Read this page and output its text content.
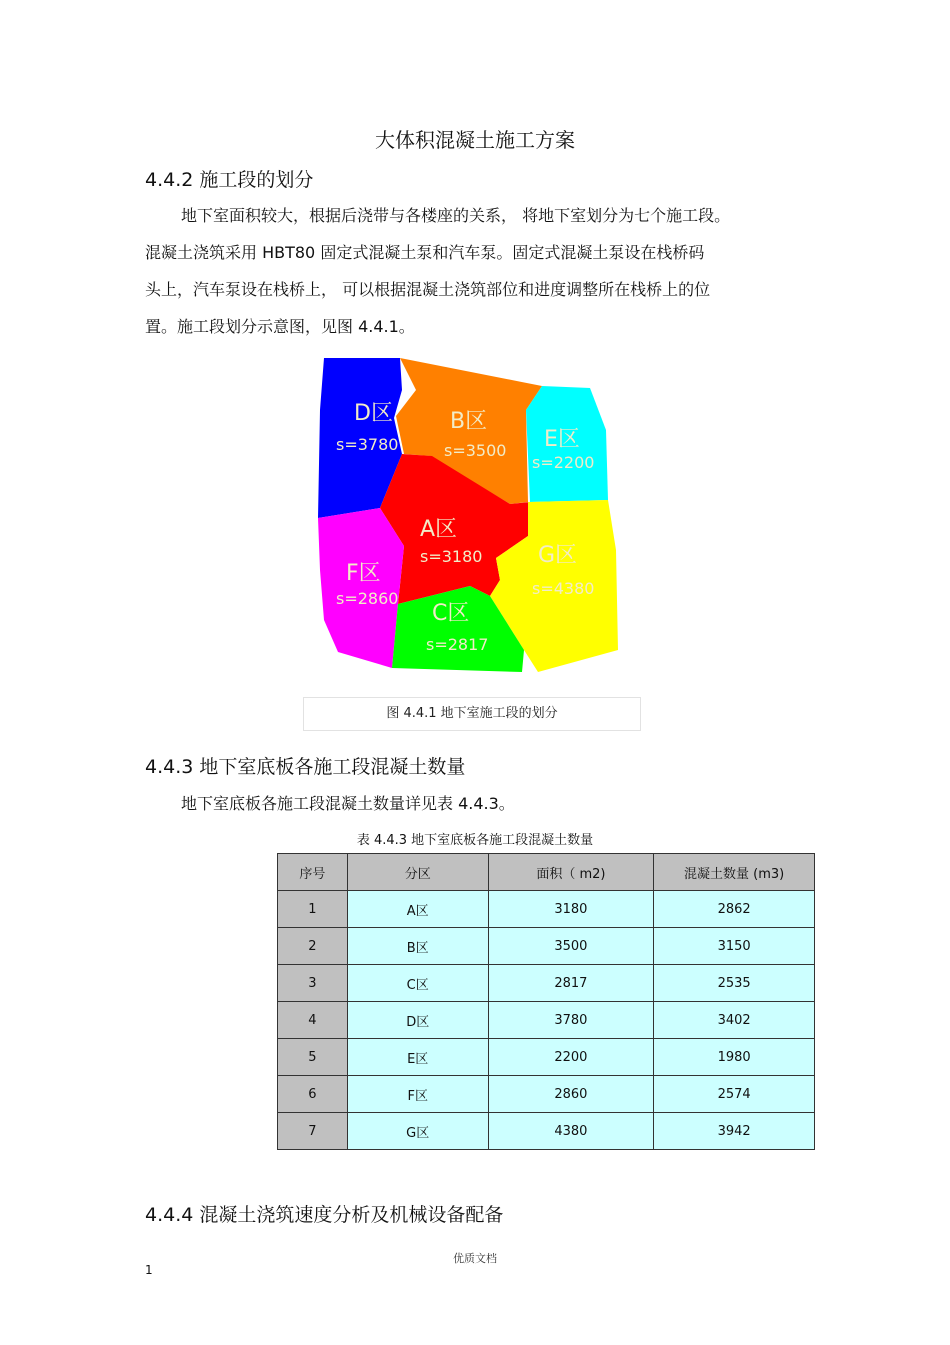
大体积混凝土施工方案
4.4.2 施工段的划分
地下室面积较大，根据后浇带与各楼座的关系， 将地下室划分为七个施工段。
混凝土浇筑采用 HBT80 固定式混凝土泵和汽车泵。固定式混凝土泵设在栈桥码
头上，汽车泵设在栈桥上， 可以根据混凝土浇筑部位和进度调整所在栈桥上的位
置。施工段划分示意图，见图 4.4.1。
D区	B区
E区
A区
G区
F区
C区
s=3780	s=3500
s=2200
s=3180
s=4380
s=2860
s=2817
图 4.4.1 地下室施工段的划分
4.4.3 地下室底板各施工段混凝土数量
地下室底板各施工段混凝土数量详见表 4.4.3。
表 4.4.3 地下室底板各施工段混凝土数量
序号	分区	面积（ m2)	混凝土数量 (m3)
1	A区	3180	2862
2	B区	3500	3150
3	C区	2817	2535
4	D区	3780	3402
5	E区	2200	1980
6	F区	2860	2574
7	G区	4380	3942
4.4.4 混凝土浇筑速度分析及机械设备配备
优质文档
1
